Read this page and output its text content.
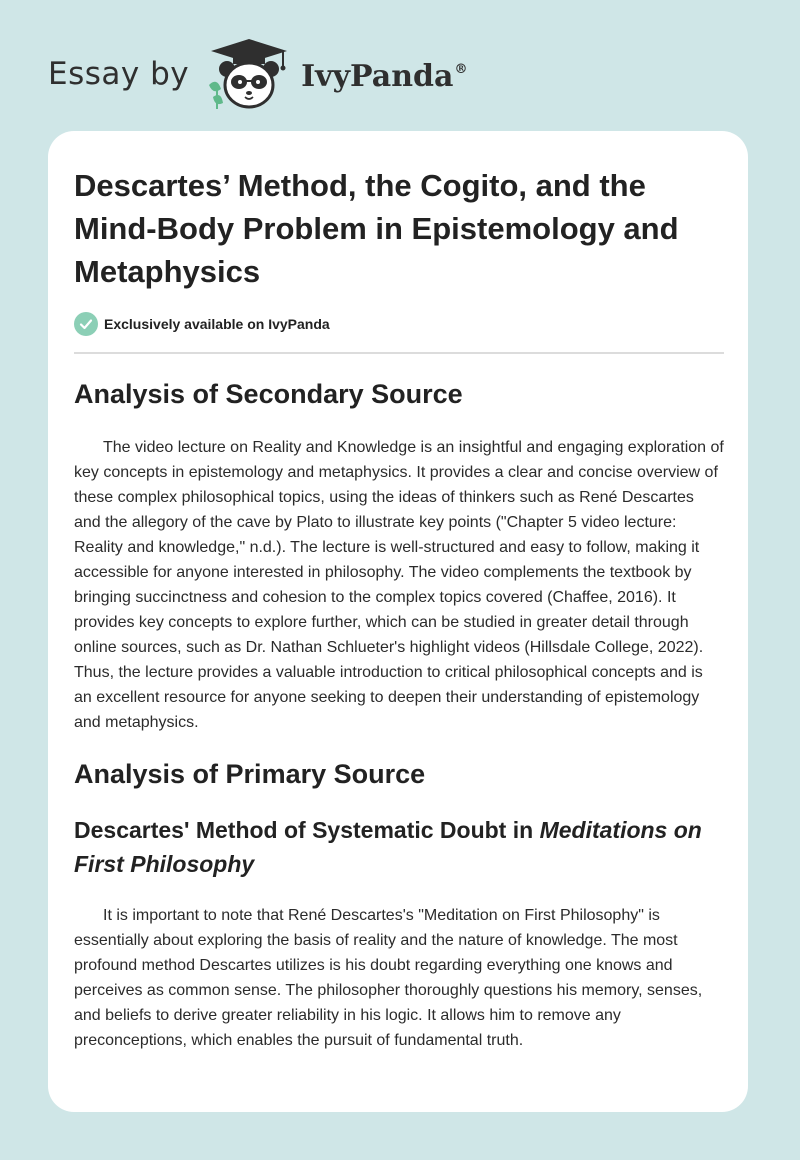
Essay by	IvyPanda®
Descartes’ Method, the Cogito, and the Mind-Body Problem in Epistemology and Metaphysics
Exclusively available on IvyPanda
Analysis of Secondary Source

The video lecture on Reality and Knowledge is an insightful and engaging exploration of key concepts in epistemology and metaphysics. It provides a clear and concise overview of these complex philosophical topics, using the ideas of thinkers such as René Descartes and the allegory of the cave by Plato to illustrate key points ("Chapter 5 video lecture: Reality and knowledge," n.d.). The lecture is well-structured and easy to follow, making it accessible for anyone interested in philosophy. The video complements the textbook by bringing succinctness and cohesion to the complex topics covered (Chaffee, 2016). It provides key concepts to explore further, which can be studied in greater detail through online sources, such as Dr. Nathan Schlueter's highlight videos (Hillsdale College, 2022). Thus, the lecture provides a valuable introduction to critical philosophical concepts and is an excellent resource for anyone seeking to deepen their understanding of epistemology and metaphysics.

Analysis of Primary Source
Descartes' Method of Systematic Doubt in Meditations on First Philosophy

It is important to note that René Descartes's "Meditation on First Philosophy" is essentially about exploring the basis of reality and the nature of knowledge. The most profound method Descartes utilizes is his doubt regarding everything one knows and perceives as common sense. The philosopher thoroughly questions his memory, senses, and beliefs to derive greater reliability in his logic. It allows him to remove any preconceptions, which enables the pursuit of fundamental truth.
